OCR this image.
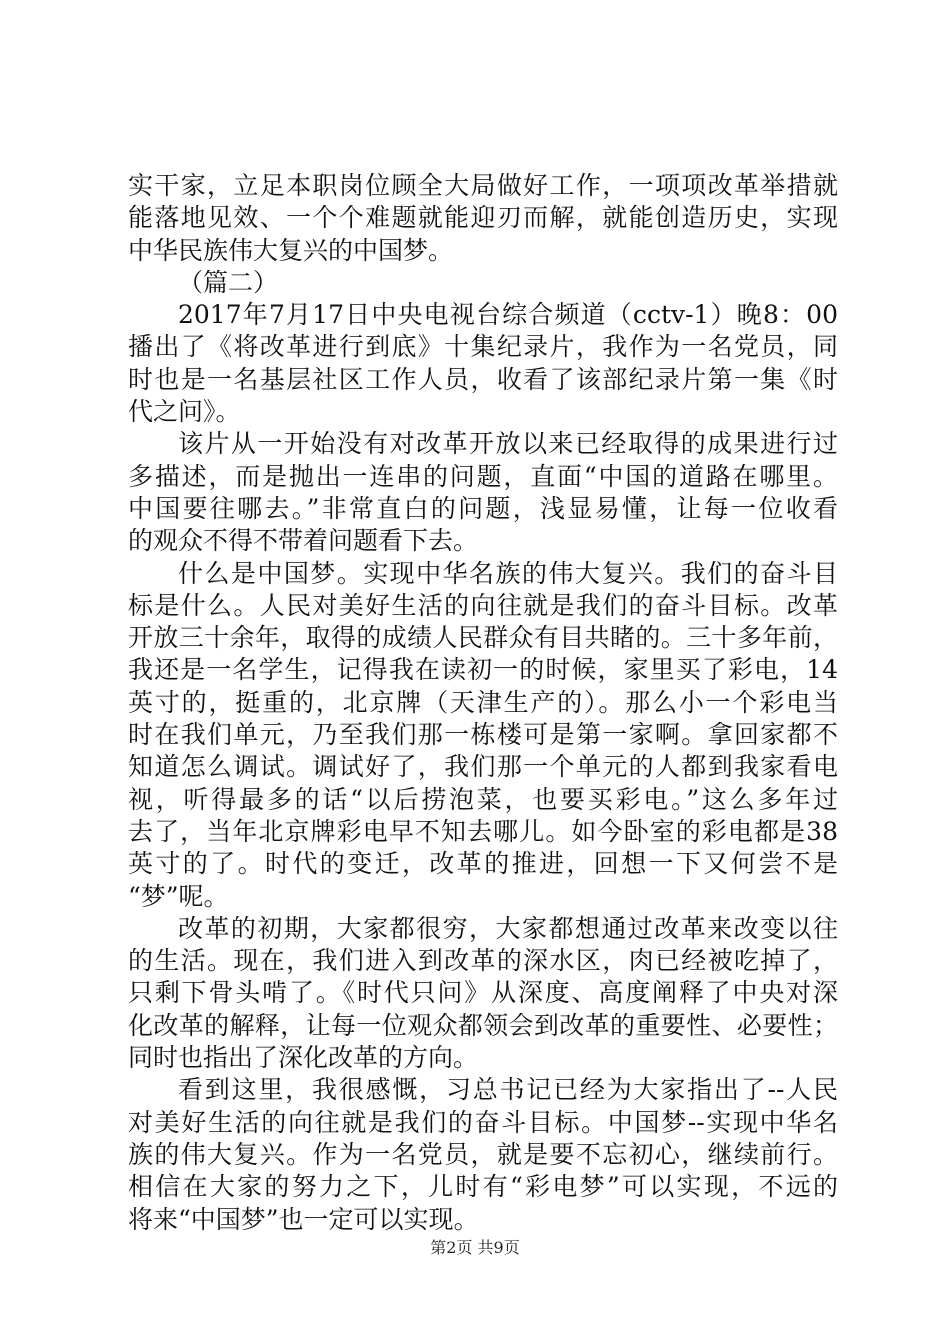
实干家，立足本职岗位顾全大局做好工作，一项项改革举措就
能落地见效、一个个难题就能迎刃而解，就能创造历史，实现
中华民族伟大复兴的中国梦。
（篇二）
2017年7月17日中央电视台综合频道（cctv-1）晚8：00
播出了《将改革进行到底》十集纪录片，我作为一名党员，同
时也是一名基层社区工作人员，收看了该部纪录片第一集《时
代之问》。
该片从一开始没有对改革开放以来已经取得的成果进行过
多描述，而是抛出一连串的问题，直面“中国的道路在哪里。
中国要往哪去。”非常直白的问题，浅显易懂，让每一位收看
的观众不得不带着问题看下去。
什么是中国梦。实现中华名族的伟大复兴。我们的奋斗目
标是什么。人民对美好生活的向往就是我们的奋斗目标。改革
开放三十余年，取得的成绩人民群众有目共睹的。三十多年前，
我还是一名学生，记得我在读初一的时候，家里买了彩电，14
英寸的，挺重的，北京牌（天津生产的）。那么小一个彩电当
时在我们单元，乃至我们那一栋楼可是第一家啊。拿回家都不
知道怎么调试。调试好了，我们那一个单元的人都到我家看电
视，听得最多的话“以后捞泡菜，也要买彩电。”这么多年过
去了，当年北京牌彩电早不知去哪儿。如今卧室的彩电都是38
英寸的了。时代的变迁，改革的推进，回想一下又何尝不是
“梦”呢。
改革的初期，大家都很穷，大家都想通过改革来改变以往
的生活。现在，我们进入到改革的深水区，肉已经被吃掉了，
只剩下骨头啃了。《时代只问》从深度、高度阐释了中央对深
化改革的解释，让每一位观众都领会到改革的重要性、必要性；
同时也指出了深化改革的方向。
看到这里，我很感慨，习总书记已经为大家指出了--人民
对美好生活的向往就是我们的奋斗目标。中国梦--实现中华名
族的伟大复兴。作为一名党员，就是要不忘初心，继续前行。
相信在大家的努力之下，儿时有“彩电梦”可以实现，不远的
将来“中国梦”也一定可以实现。
第2页 共9页
